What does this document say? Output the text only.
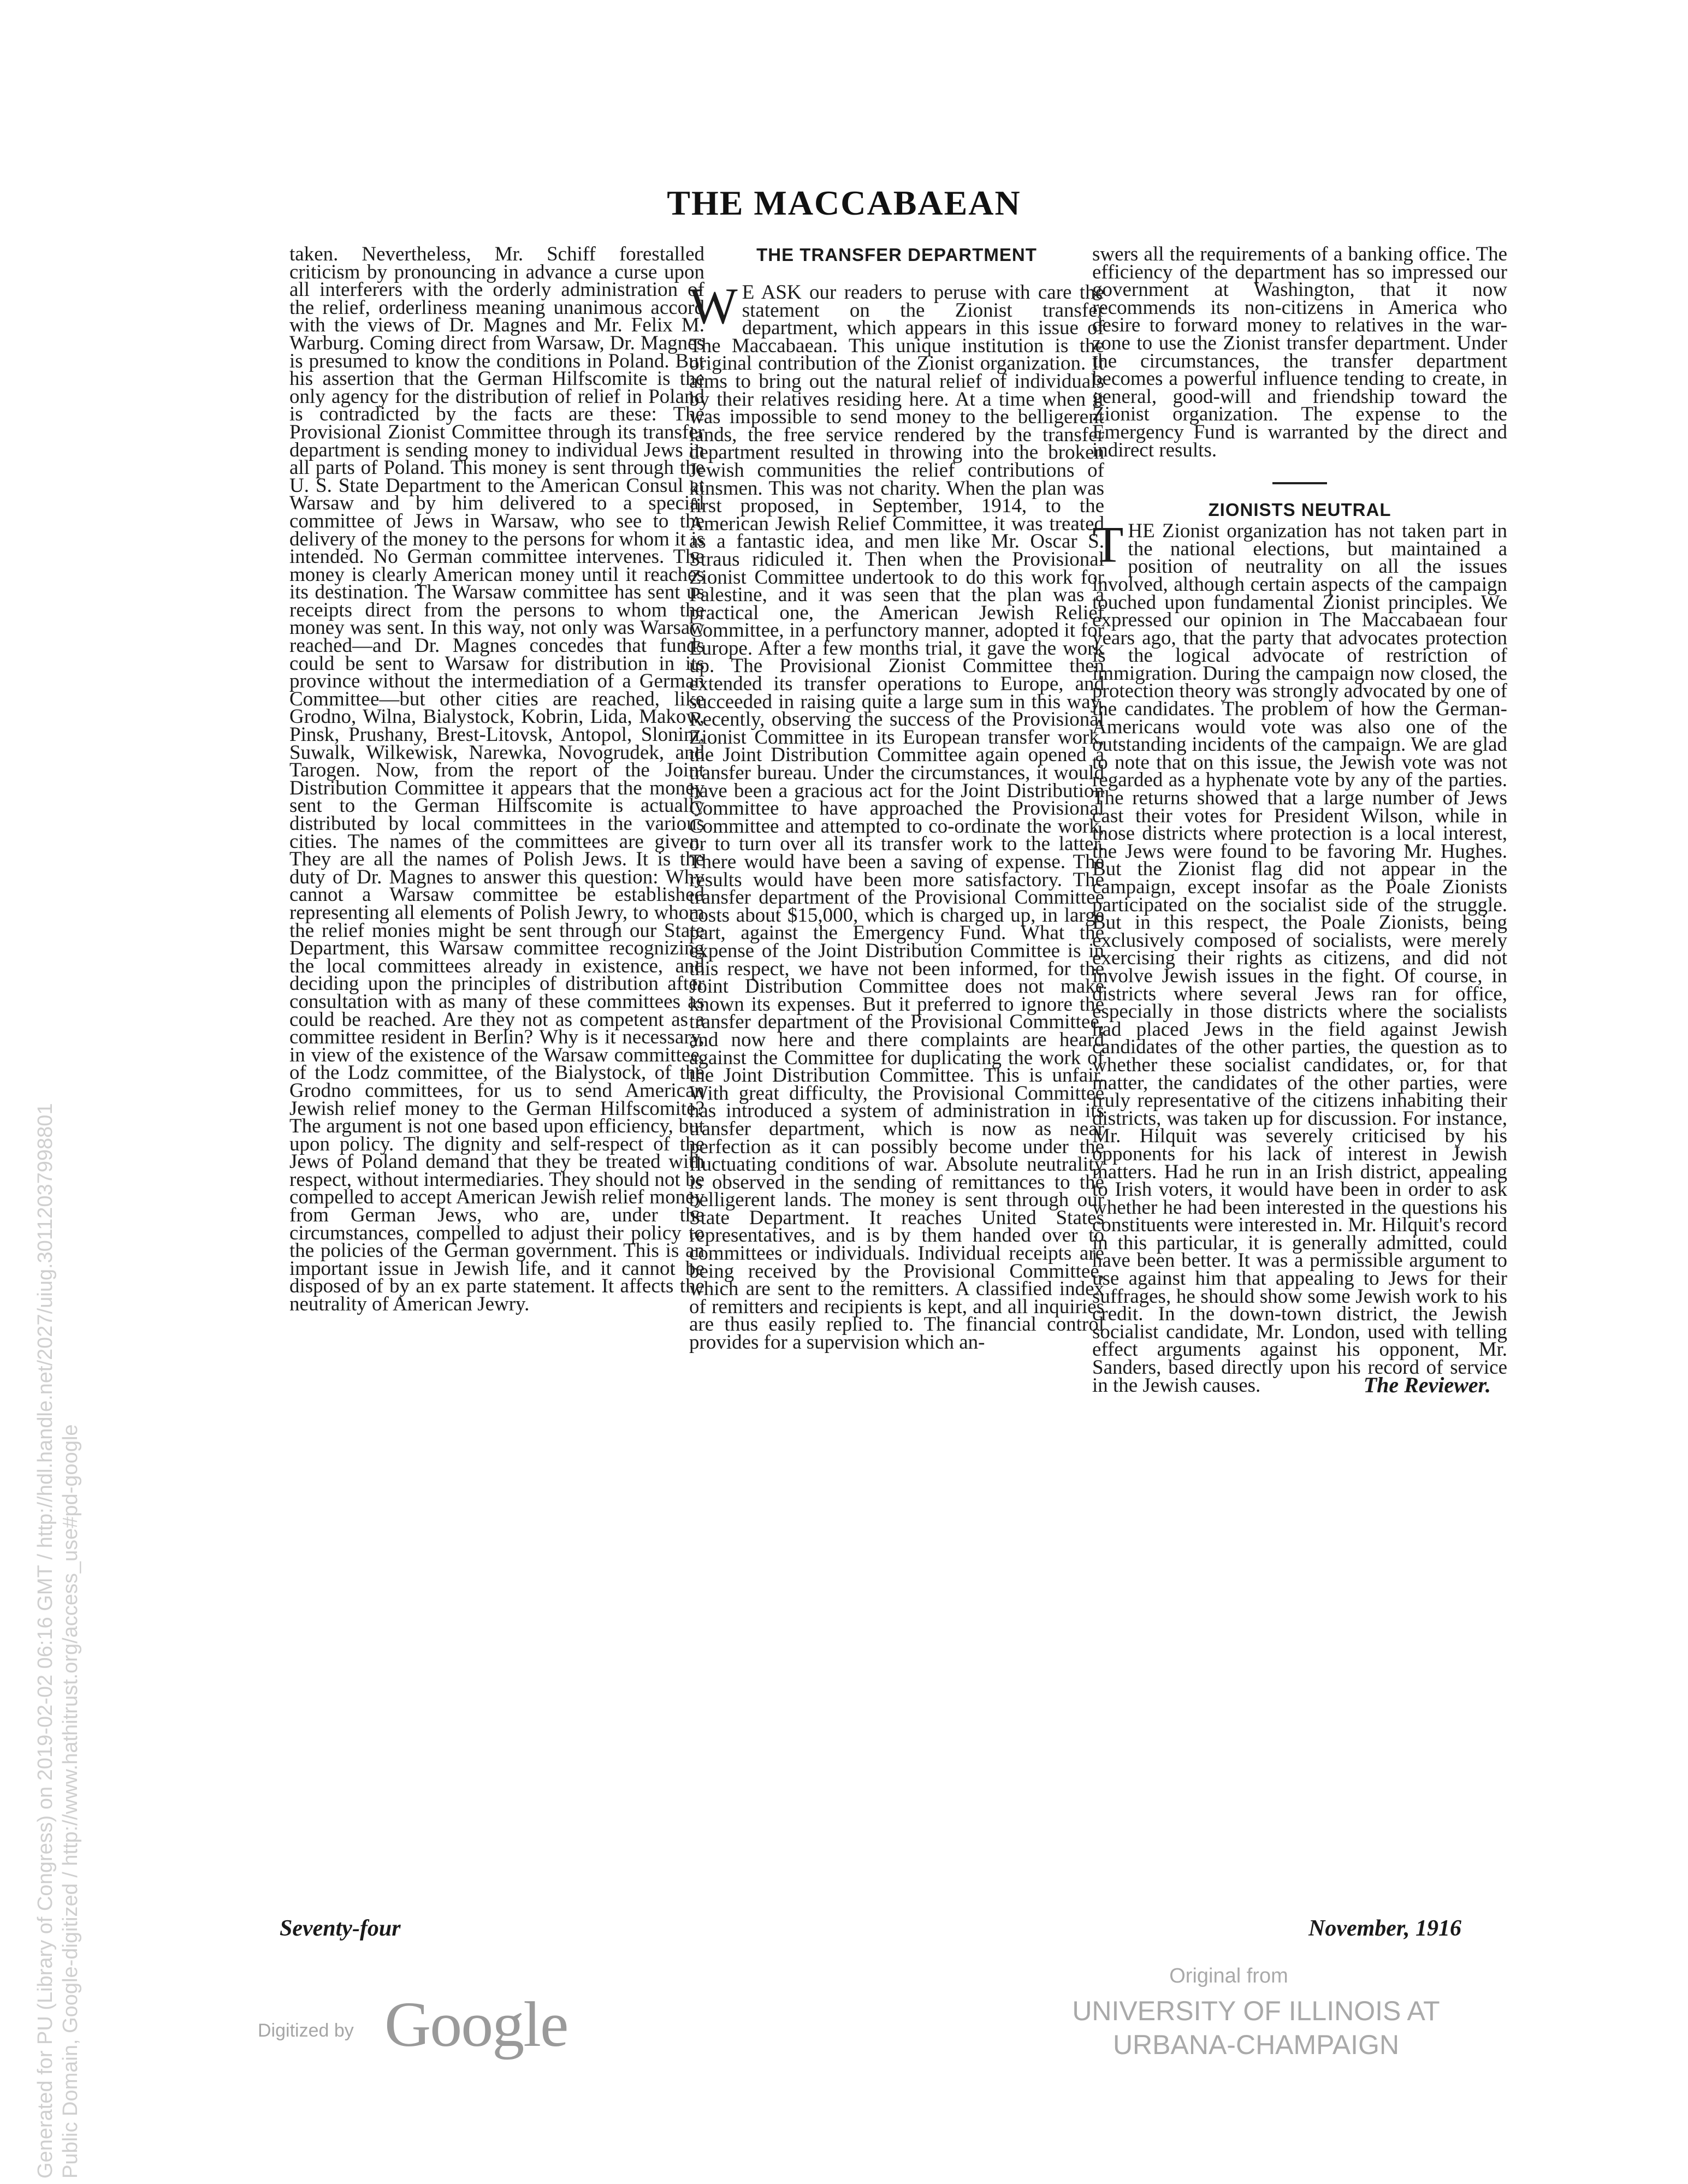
THE MACCABAEAN

taken. Nevertheless, Mr. Schiff forestalled criticism by pronouncing in advance a curse upon all interferers with the orderly administration of the relief, orderliness meaning unanimous accord with the views of Dr. Magnes and Mr. Felix M. Warburg. Coming direct from Warsaw, Dr. Magnes is presumed to know the conditions in Poland. But his assertion that the German Hilfscomite is the only agency for the distribution of relief in Poland is contradicted by the facts are these: The Provisional Zionist Committee through its transfer department is sending money to individual Jews in all parts of Poland. This money is sent through the U. S. State Department to the American Consul at Warsaw and by him delivered to a special committee of Jews in Warsaw, who see to the delivery of the money to the persons for whom it is intended. No German committee intervenes. The money is clearly American money until it reaches its destination. The Warsaw committee has sent us receipts direct from the persons to whom the money was sent. In this way, not only was Warsaw reached—and Dr. Magnes concedes that funds could be sent to Warsaw for distribution in its province without the intermediation of a German Committee—but other cities are reached, like Grodno, Wilna, Bialystock, Kobrin, Lida, Makow, Pinsk, Prushany, Brest-Litovsk, Antopol, Slonim, Suwalk, Wilkewisk, Narewka, Novogrudek, and Tarogen. Now, from the report of the Joint Distribution Committee it appears that the money sent to the German Hilfscomite is actually distributed by local committees in the various cities. The names of the committees are given. They are all the names of Polish Jews. It is the duty of Dr. Magnes to answer this question: Why cannot a Warsaw committee be established representing all elements of Polish Jewry, to whom the relief monies might be sent through our State Department, this Warsaw committee recognizing the local committees already in existence, and deciding upon the principles of distribution after consultation with as many of these committees as could be reached. Are they not as competent as a committee resident in Berlin? Why is it necessary, in view of the existence of the Warsaw committee, of the Lodz committee, of the Bialystock, of the Grodno committees, for us to send American Jewish relief money to the German Hilfscomite? The argument is not one based upon efficiency, but upon policy. The dignity and self-respect of the Jews of Poland demand that they be treated with respect, without intermediaries. They should not be compelled to accept American Jewish relief money from German Jews, who are, under the circumstances, compelled to adjust their policy to the policies of the German government. This is an important issue in Jewish life, and it cannot be disposed of by an ex parte statement. It affects the neutrality of American Jewry.

THE TRANSFER DEPARTMENT

W E ASK our readers to peruse with care the statement on the Zionist transfer department, which appears in this issue of The Maccabaean. This unique institution is the original contribution of the Zionist organization. It aims to bring out the natural relief of individuals by their relatives residing here. At a time when it was impossible to send money to the belligerent lands, the free service rendered by the transfer department resulted in throwing into the broken Jewish communities the relief contributions of kinsmen. This was not charity. When the plan was first proposed, in September, 1914, to the American Jewish Relief Committee, it was treated as a fantastic idea, and men like Mr. Oscar S. Straus ridiculed it. Then when the Provisional Zionist Committee undertook to do this work for Palestine, and it was seen that the plan was a practical one, the American Jewish Relief Committee, in a perfunctory manner, adopted it for Europe. After a few months trial, it gave the work up. The Provisional Zionist Committee then extended its transfer operations to Europe, and succeeded in raising quite a large sum in this way. Recently, observing the success of the Provisional Zionist Committee in its European transfer work, the Joint Distribution Committee again opened a transfer bureau. Under the circumstances, it would have been a gracious act for the Joint Distribution Committee to have approached the Provisional Committee and attempted to co-ordinate the work, or to turn over all its transfer work to the latter. There would have been a saving of expense. The results would have been more satisfactory. The transfer department of the Provisional Committee costs about $15,000, which is charged up, in large part, against the Emergency Fund. What the expense of the Joint Distribution Committee is in this respect, we have not been informed, for the Joint Distribution Committee does not make known its expenses. But it preferred to ignore the transfer department of the Provisional Committee, and now here and there complaints are heard against the Committee for duplicating the work of the Joint Distribution Committee. This is unfair. With great difficulty, the Provisional Committee has introduced a system of administration in its transfer department, which is now as near perfection as it can possibly become under the fluctuating conditions of war. Absolute neutrality is observed in the sending of remittances to the belligerent lands. The money is sent through our State Department. It reaches United States representatives, and is by them handed over to committees or individuals. Individual receipts are being received by the Provisional Committee, which are sent to the remitters. A classified index of remitters and recipients is kept, and all inquiries are thus easily replied to. The financial control provides for a supervision which an-

swers all the requirements of a banking office. The efficiency of the department has so impressed our government at Washington, that it now recommends its non-citizens in America who desire to forward money to relatives in the war-zone to use the Zionist transfer department. Under the circumstances, the transfer department becomes a powerful influence tending to create, in general, good-will and friendship toward the Zionist organization. The expense to the Emergency Fund is warranted by the direct and indirect results.

ZIONISTS NEUTRAL

THE Zionist organization has not taken part in the national elections, but maintained a position of neutrality on all the issues involved, although certain aspects of the campaign touched upon fundamental Zionist principles. We expressed our opinion in The Maccabaean four years ago, that the party that advocates protection is the logical advocate of restriction of immigration. During the campaign now closed, the protection theory was strongly advocated by one of the candidates. The problem of how the German-Americans would vote was also one of the outstanding incidents of the campaign. We are glad to note that on this issue, the Jewish vote was not regarded as a hyphenate vote by any of the parties. The returns showed that a large number of Jews cast their votes for President Wilson, while in those districts where protection is a local interest, the Jews were found to be favoring Mr. Hughes. But the Zionist flag did not appear in the campaign, except insofar as the Poale Zionists participated on the socialist side of the struggle. But in this respect, the Poale Zionists, being exclusively composed of socialists, were merely exercising their rights as citizens, and did not involve Jewish issues in the fight. Of course, in districts where several Jews ran for office, especially in those districts where the socialists had placed Jews in the field against Jewish candidates of the other parties, the question as to whether these socialist candidates, or, for that matter, the candidates of the other parties, were truly representative of the citizens inhabiting their districts, was taken up for discussion. For instance, Mr. Hilquit was severely criticised by his opponents for his lack of interest in Jewish matters. Had he run in an Irish district, appealing to Irish voters, it would have been in order to ask whether he had been interested in the questions his constituents were interested in. Mr. Hilquit's record in this particular, it is generally admitted, could have been better. It was a permissible argument to use against him that appealing to Jews for their suffrages, he should show some Jewish work to his credit. In the down-town district, the Jewish socialist candidate, Mr. London, used with telling effect arguments against his opponent, Mr. Sanders, based directly upon his record of service in the Jewish causes.	The Reviewer.
Seventy-four	November, 1916
Digitized by Google
Original from
UNIVERSITY OF ILLINOIS AT
URBANA-CHAMPAIGN
Generated for PU (Library of Congress) on 2019-02-02 06:16 GMT / http://hdl.handle.net/2027/uiug.30112037998801 Public Domain, Google-digitized / http://www.hathitrust.org/access_use#pd-google
